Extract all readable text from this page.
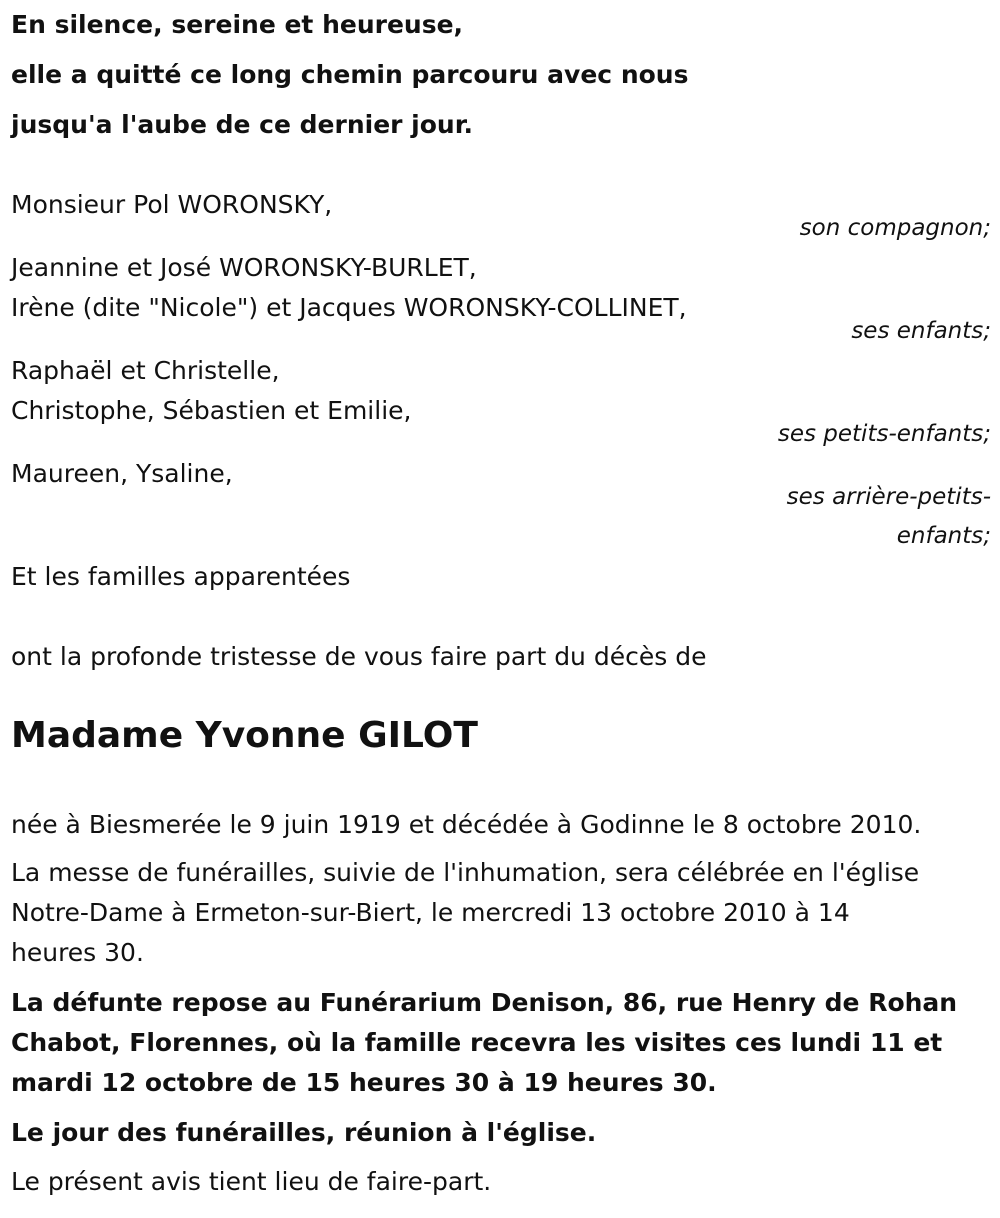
En silence, sereine et heureuse,
elle a quitté ce long chemin parcouru avec nous
jusqu'a l'aube de ce dernier jour.
Monsieur Pol WORONSKY,
son compagnon;
Jeannine et José WORONSKY-BURLET,
Irène (dite "Nicole") et Jacques WORONSKY-COLLINET,
ses enfants;
Raphaël et Christelle,
Christophe, Sébastien et Emilie,
ses petits-enfants;
Maureen, Ysaline,
ses arrière-petits-
enfants;
Et les familles apparentées
ont la profonde tristesse de vous faire part du décès de
Madame Yvonne GILOT
née à Biesmerée le 9 juin 1919 et décédée à Godinne le 8 octobre 2010.
La messe de funérailles, suivie de l'inhumation, sera célébrée en l'église
Notre-Dame à Ermeton-sur-Biert, le mercredi 13 octobre 2010 à 14
heures 30.
La défunte repose au Funérarium Denison, 86, rue Henry de Rohan
Chabot, Florennes, où la famille recevra les visites ces lundi 11 et
mardi 12 octobre de 15 heures 30 à 19 heures 30.
Le jour des funérailles, réunion à l'église.
Le présent avis tient lieu de faire-part.
